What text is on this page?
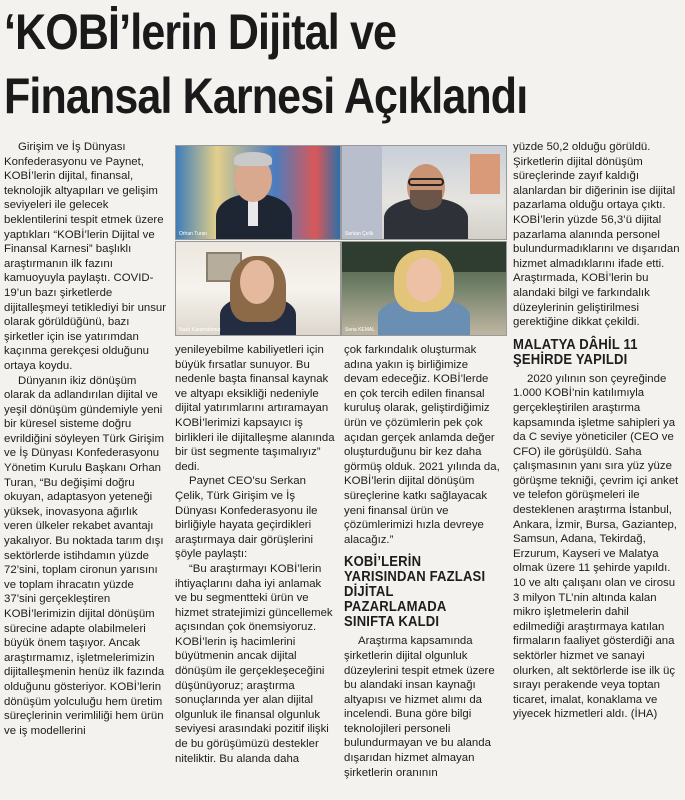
‘KOBİ’lerin Dijital ve
Finansal Karnesi Açıklandı
Orhan Turan	Serkan Çelik
Nazlı Karamahmut	Sena KEMAL

Girişim ve İş Dünyası Konfederasyonu ve Paynet, KOBİ’lerin dijital, finansal, teknolojik altyapıları ve gelişim seviyeleri ile gelecek beklentilerini tespit etmek üzere yaptıkları “KOBİ’lerin Dijital ve Finansal Karnesi” başlıklı araştırmanın ilk fazını kamuoyuyla paylaştı. COVID-19’un bazı şirketlerde dijitalleşmeyi tetiklediyi bir unsur olarak görüldüğünü, bazı şirketler için ise yatırımdan kaçınma gerekçesi olduğunu ortaya koydu.

Dünyanın ikiz dönüşüm olarak da adlandırılan dijital ve yeşil dönüşüm gündemiyle yeni bir küresel sisteme doğru evrildiğini söyleyen Türk Girişim ve İş Dünyası Konfederasyonu Yönetim Kurulu Başkanı Orhan Turan, “Bu değişimi doğru okuyan, adaptasyon yeteneği yüksek, inovasyona ağırlık veren ülkeler rekabet avantajı yakalıyor. Bu noktada tarım dışı sektörlerde istihdamın yüzde 72’sini, toplam cironun yarısını ve toplam ihracatın yüzde 37’sini gerçekleştiren KOBİ’lerimizin dijital dönüşüm sürecine adapte olabilmeleri büyük önem taşıyor. Ancak araştırmamız, işletmelerimizin dijitalleşmenin henüz ilk fazında olduğunu gösteriyor. KOBİ’lerin dönüşüm yolculuğu hem üretim süreçlerinin verimliliği hem ürün ve iş modellerini

yenileyebilme kabiliyetleri için büyük fırsatlar sunuyor. Bu nedenle başta finansal kaynak ve altyapı eksikliği nedeniyle dijital yatırımlarını artıramayan KOBİ’lerimizi kapsayıcı iş birlikleri ile dijitalleşme alanında bir üst segmente taşımalıyız” dedi.

Paynet CEO’su Serkan Çelik, Türk Girişim ve İş Dünyası Konfederasyonu ile birliğiyle hayata geçirdikleri araştırmaya dair görüşlerini şöyle paylaştı:

“Bu araştırmayı KOBİ’lerin ihtiyaçlarını daha iyi anlamak ve bu segmentteki ürün ve hizmet stratejimizi güncellemek açısından çok önemsiyoruz. KOBİ’lerin iş hacimlerini büyütmenin ancak dijital dönüşüm ile gerçekleşeceğini düşünüyoruz; araştırma sonuçlarında yer alan dijital olgunluk ile finansal olgunluk seviyesi arasındaki pozitif ilişki de bu görüşümüzü destekler niteliktir. Bu alanda daha

çok farkındalık oluşturmak adına yakın iş birliğimize devam edeceğiz. KOBİ’lerde en çok tercih edilen finansal kuruluş olarak, geliştirdiğimiz ürün ve çözümlerin pek çok açıdan gerçek anlamda değer oluşturduğunu bir kez daha görmüş olduk. 2021 yılında da, KOBİ’lerin dijital dönüşüm süreçlerine katkı sağlayacak yeni finansal ürün ve çözümlerimizi hızla devreye alacağız.”

KOBİ’LERİN
YARISINDAN FAZLASI
DİJİTAL
PAZARLAMADA
SINIFTA KALDI

Araştırma kapsamında şirketlerin dijital olgunluk düzeylerini tespit etmek üzere bu alandaki insan kaynağı altyapısı ve hizmet alımı da incelendi. Buna göre bilgi teknolojileri personeli bulundurmayan ve bu alanda dışarıdan hizmet almayan şirketlerin oranının

yüzde 50,2 olduğu görüldü. Şirketlerin dijital dönüşüm süreçlerinde zayıf kaldığı alanlardan bir diğerinin ise dijital pazarlama olduğu ortaya çıktı. KOBİ’lerin yüzde 56,3’ü dijital pazarlama alanında personel bulundurmadıklarını ve dışarıdan hizmet almadıklarını ifade etti. Araştırmada, KOBİ’lerin bu alandaki bilgi ve farkındalık düzeylerinin geliştirilmesi gerektiğine dikkat çekildi.

MALATYA DÂHİL 11
ŞEHİRDE YAPILDI

2020 yılının son çeyreğinde 1.000 KOBİ’nin katılımıyla gerçekleştirilen araştırma kapsamında işletme sahipleri ya da C seviye yöneticiler (CEO ve CFO) ile görüşüldü. Saha çalışmasının yanı sıra yüz yüze görüşme tekniği, çevrim içi anket ve telefon görüşmeleri ile desteklenen araştırma İstanbul, Ankara, İzmir, Bursa, Gaziantep, Samsun, Adana, Tekirdağ, Erzurum, Kayseri ve Malatya olmak üzere 11 şehirde yapıldı. 10 ve altı çalışanı olan ve cirosu 3 milyon TL’nin altında kalan mikro işletmelerin dahil edilmediği araştırmaya katılan firmaların faaliyet gösterdiği ana sektörler hizmet ve sanayi olurken, alt sektörlerde ise ilk üç sırayı perakende veya toptan ticaret, imalat, konaklama ve yiyecek hizmetleri aldı. (İHA)
